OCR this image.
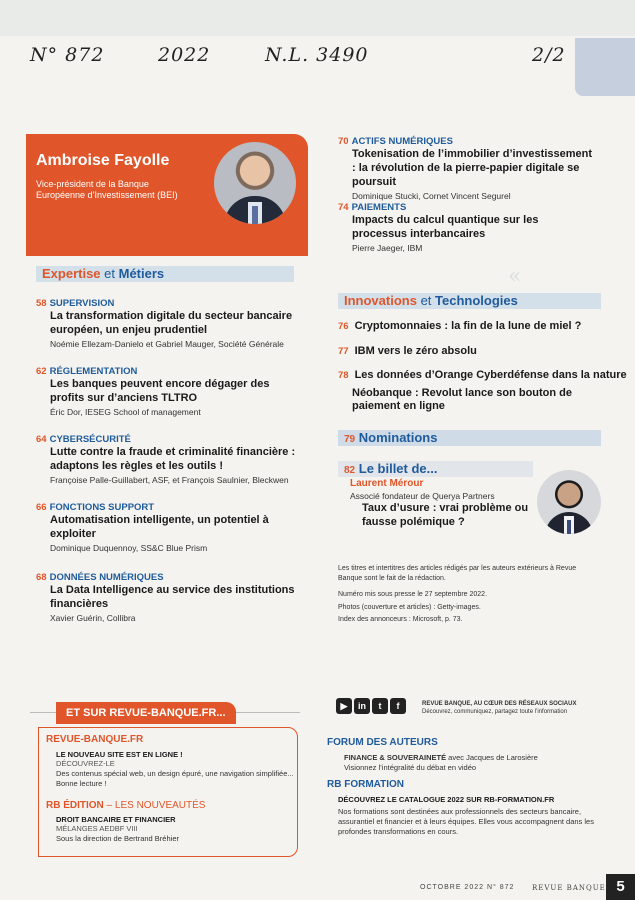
N° 872	2022	N.L. 3490	2/2
Ambroise Fayolle
Vice-président de la Banque Européenne d’Investissement (BEI)
«

Expertise et Métiers
58 SUPERVISION
La transformation digitale du secteur bancaire européen, un enjeu prudentiel
Noémie Ellezam-Danielo et Gabriel Mauger, Société Générale
62 RÉGLEMENTATION
Les banques peuvent encore dégager des profits sur d’anciens TLTRO
Éric Dor, IESEG School of management
64 CYBERSÉCURITÉ
Lutte contre la fraude et criminalité financière : adaptons les règles et les outils !
Françoise Palle-Guillabert, ASF, et François Saulnier, Bleckwen
66 FONCTIONS SUPPORT
Automatisation intelligente, un potentiel à exploiter
Dominique Duquennoy, SS&C Blue Prism
68 DONNÉES NUMÉRIQUES
La Data Intelligence au service des institutions financières
Xavier Guérin, Collibra
70 ACTIFS NUMÉRIQUES
Tokenisation de l’immobilier d’investissement : la révolution de la pierre-papier digitale se poursuit
Dominique Stucki, Cornet Vincent Segurel
74 PAIEMENTS
Impacts du calcul quantique sur les processus interbancaires
Pierre Jaeger, IBM
Innovations et Technologies
76 Cryptomonnaies : la fin de la lune de miel ?
77 IBM vers le zéro absolu
78 Les données d’Orange Cyberdéfense dans la nature
Néobanque : Revolut lance son bouton de paiement en ligne
79 Nominations
82 Le billet de...
Laurent Mérour
Associé fondateur de Querya Partners
Taux d’usure : vrai problème ou fausse polémique ?
Les titres et intertitres des articles rédigés par les auteurs extérieurs à Revue Banque sont le fait de la rédaction.
Numéro mis sous presse le 27 septembre 2022.
Photos (couverture et articles) : Getty-images.
Index des annonceurs : Microsoft, p. 73.
ET SUR REVUE-BANQUE.FR...
▶	in	t	f	REVUE BANQUE, AU CŒUR DES RÉSEAUX SOCIAUX
Découvrez, communiquez, partagez toute l’information
REVUE-BANQUE.FR
LE NOUVEAU SITE EST EN LIGNE !
DÉCOUVREZ-LE
Des contenus spécial web, un design épuré, une navigation simplifiée...
Bonne lecture !
RB ÉDITION – LES NOUVEAUTÉS
DROIT BANCAIRE ET FINANCIER
MÉLANGES AEDBF VIII
Sous la direction de Bertrand Bréhier
FORUM DES AUTEURS
FINANCE & SOUVERAINETÉ avec Jacques de Larosière
Visionnez l’intégralité du débat en vidéo
RB FORMATION
DÉCOUVREZ LE CATALOGUE 2022 SUR RB-FORMATION.FR
Nos formations sont destinées aux professionnels des secteurs bancaire, assurantiel et financier et à leurs équipes. Elles vous accompagnent dans les profondes transformations en cours.
OCTOBRE 2022 N° 872	REVUE BANQUE 5
